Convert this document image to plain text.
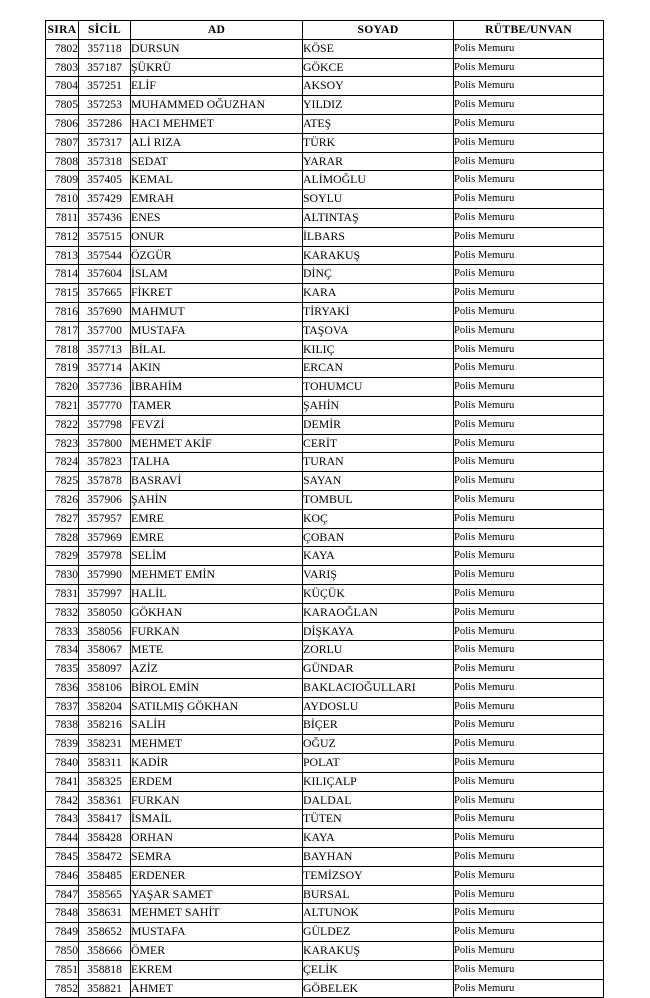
SIRA	SİCİL	AD	SOYAD	RÜTBE/UNVAN
7802	357118	DURSUN	KÖSE	Polis Memuru
7803	357187	ŞÜKRÜ	GÖKCE	Polis Memuru
7804	357251	ELİF	AKSOY	Polis Memuru
7805	357253	MUHAMMED OĞUZHAN	YILDIZ	Polis Memuru
7806	357286	HACI MEHMET	ATEŞ	Polis Memuru
7807	357317	ALİ RIZA	TÜRK	Polis Memuru
7808	357318	SEDAT	YARAR	Polis Memuru
7809	357405	KEMAL	ALİMOĞLU	Polis Memuru
7810	357429	EMRAH	SOYLU	Polis Memuru
7811	357436	ENES	ALTINTAŞ	Polis Memuru
7812	357515	ONUR	İLBARS	Polis Memuru
7813	357544	ÖZGÜR	KARAKUŞ	Polis Memuru
7814	357604	İSLAM	DİNÇ	Polis Memuru
7815	357665	FİKRET	KARA	Polis Memuru
7816	357690	MAHMUT	TİRYAKİ	Polis Memuru
7817	357700	MUSTAFA	TAŞOVA	Polis Memuru
7818	357713	BİLAL	KILIÇ	Polis Memuru
7819	357714	AKIN	ERCAN	Polis Memuru
7820	357736	İBRAHİM	TOHUMCU	Polis Memuru
7821	357770	TAMER	ŞAHİN	Polis Memuru
7822	357798	FEVZİ	DEMİR	Polis Memuru
7823	357800	MEHMET AKİF	CERİT	Polis Memuru
7824	357823	TALHA	TURAN	Polis Memuru
7825	357878	BASRAVİ	SAYAN	Polis Memuru
7826	357906	ŞAHİN	TOMBUL	Polis Memuru
7827	357957	EMRE	KOÇ	Polis Memuru
7828	357969	EMRE	ÇOBAN	Polis Memuru
7829	357978	SELİM	KAYA	Polis Memuru
7830	357990	MEHMET EMİN	VARIŞ	Polis Memuru
7831	357997	HALİL	KÜÇÜK	Polis Memuru
7832	358050	GÖKHAN	KARAOĞLAN	Polis Memuru
7833	358056	FURKAN	DİŞKAYA	Polis Memuru
7834	358067	METE	ZORLU	Polis Memuru
7835	358097	AZİZ	GÜNDAR	Polis Memuru
7836	358106	BİROL EMİN	BAKLACIOĞULLARI	Polis Memuru
7837	358204	SATILMIŞ GÖKHAN	AYDOSLU	Polis Memuru
7838	358216	SALİH	BİÇER	Polis Memuru
7839	358231	MEHMET	OĞUZ	Polis Memuru
7840	358311	KADİR	POLAT	Polis Memuru
7841	358325	ERDEM	KILIÇALP	Polis Memuru
7842	358361	FURKAN	DALDAL	Polis Memuru
7843	358417	İSMAİL	TÜTEN	Polis Memuru
7844	358428	ORHAN	KAYA	Polis Memuru
7845	358472	SEMRA	BAYHAN	Polis Memuru
7846	358485	ERDENER	TEMİZSOY	Polis Memuru
7847	358565	YAŞAR SAMET	BURSAL	Polis Memuru
7848	358631	MEHMET SAHİT	ALTUNOK	Polis Memuru
7849	358652	MUSTAFA	GÜLDEZ	Polis Memuru
7850	358666	ÖMER	KARAKUŞ	Polis Memuru
7851	358818	EKREM	ÇELİK	Polis Memuru
7852	358821	AHMET	GÖBELEK	Polis Memuru
